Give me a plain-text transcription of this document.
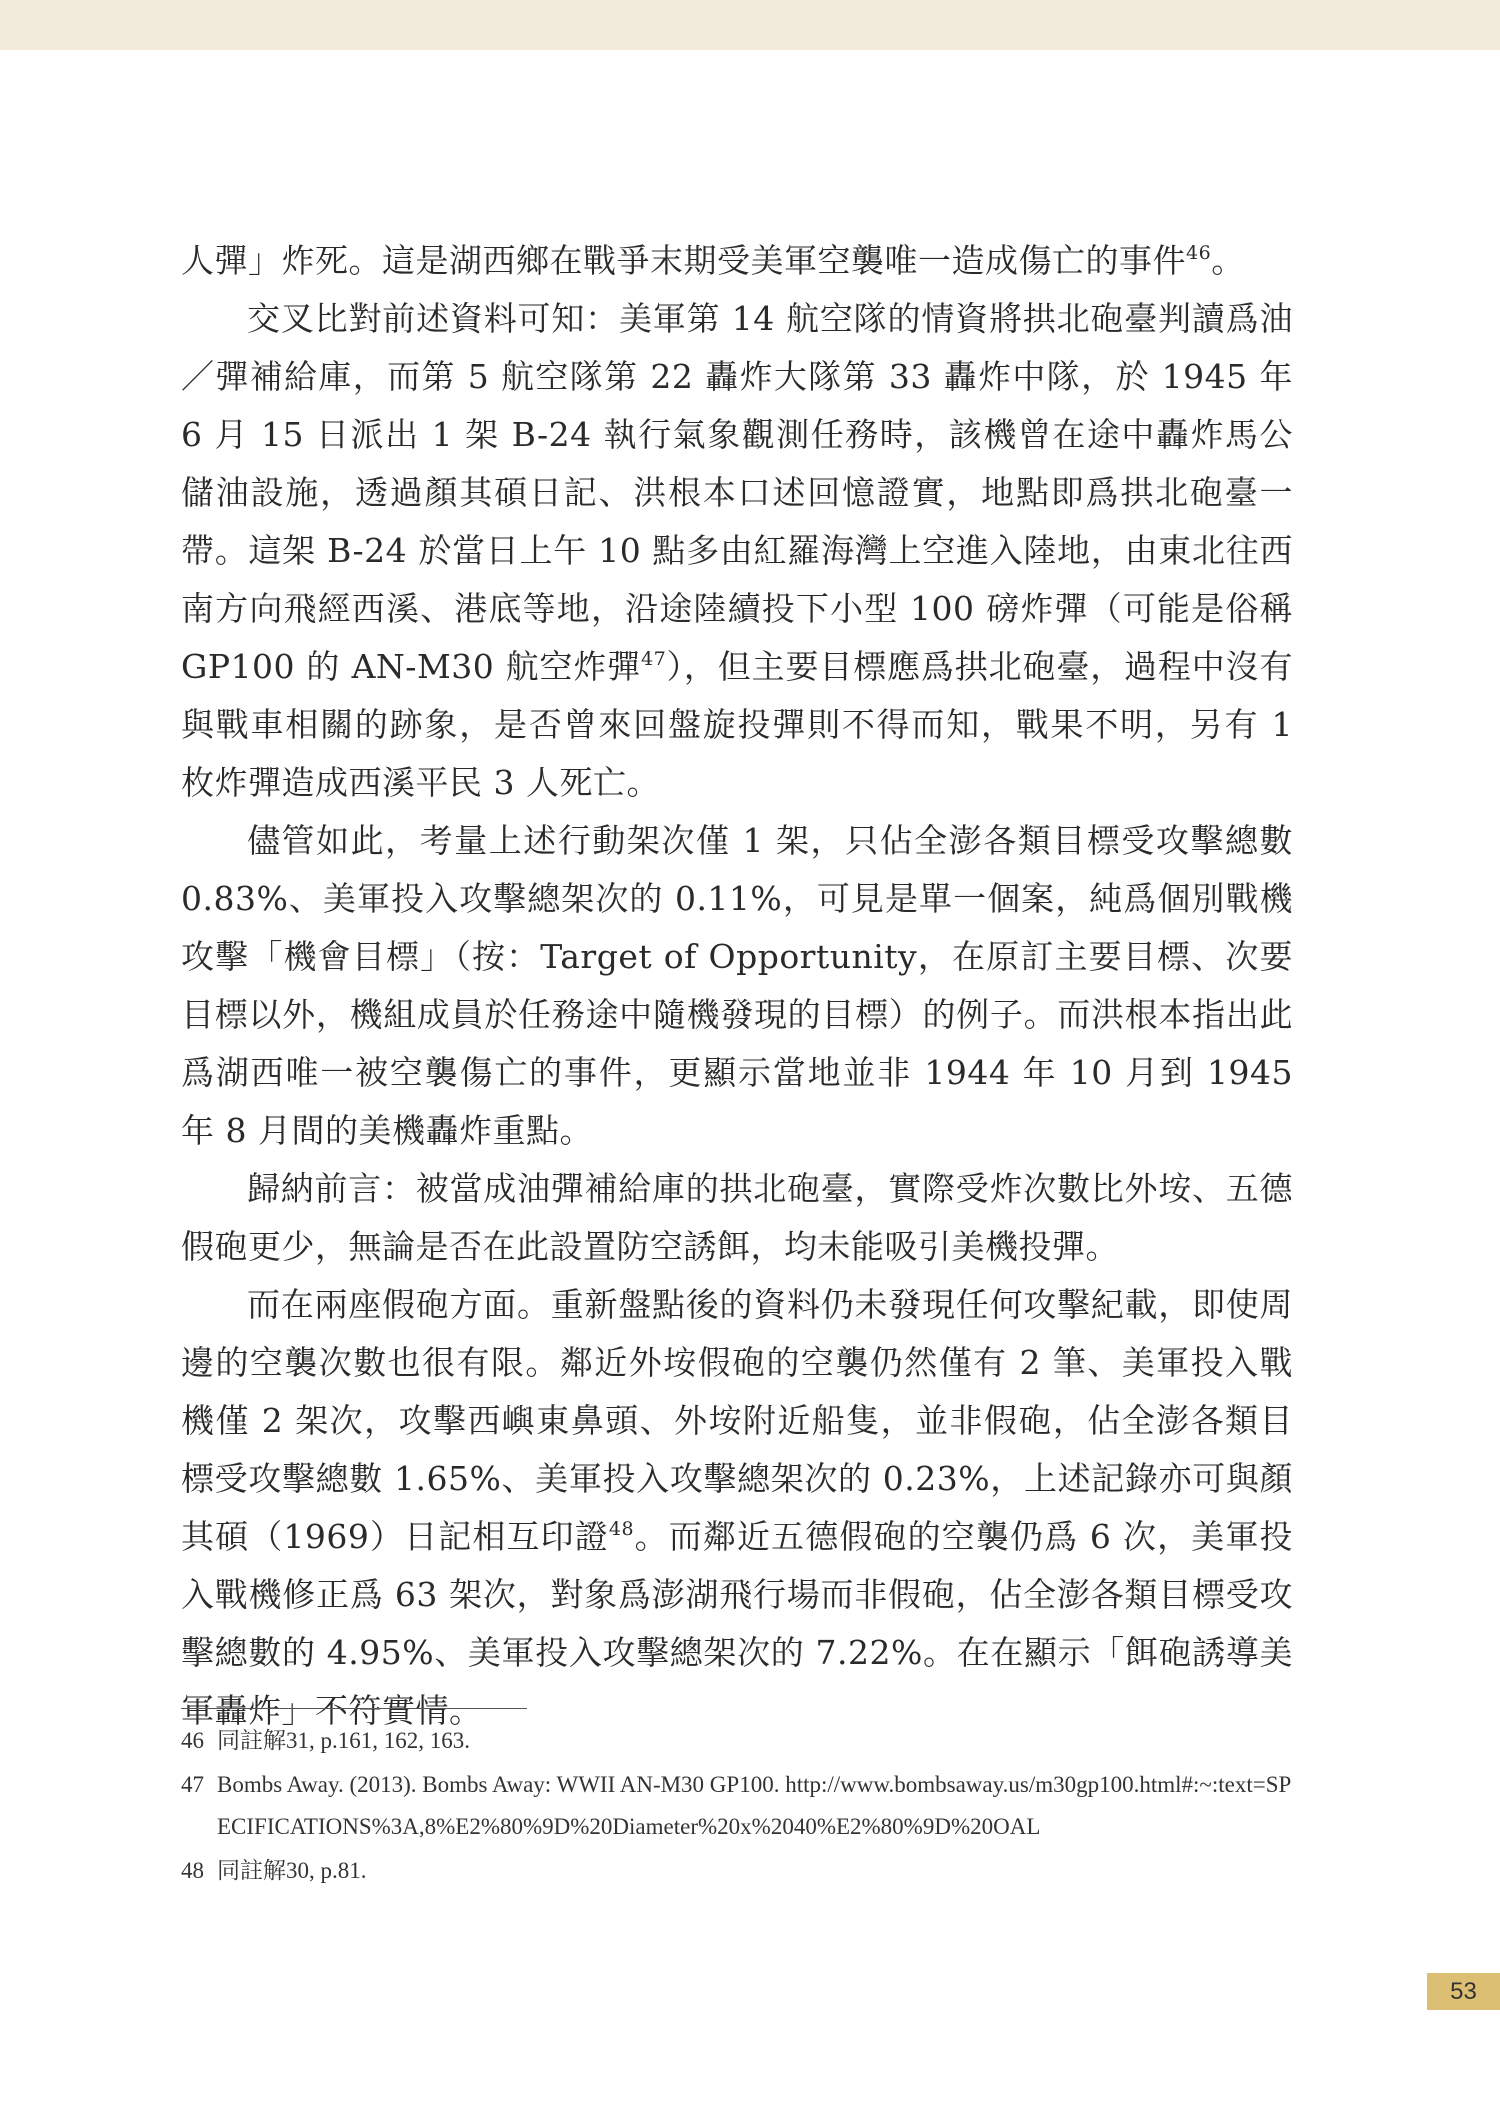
人彈」炸死。這是湖西鄉在戰爭末期受美軍空襲唯一造成傷亡的事件$^{46}$。

交叉比對前述資料可知：美軍第 14 航空隊的情資將拱北砲臺判讀爲油／彈補給庫，而第 5 航空隊第 22 轟炸大隊第 33 轟炸中隊，於 1945 年 6 月 15 日派出 1 架 B-24 執行氣象觀測任務時，該機曾在途中轟炸馬公儲油設施，透過顏其碩日記、洪根本口述回憶證實，地點即爲拱北砲臺一帶。這架 B-24 於當日上午 10 點多由紅羅海灣上空進入陸地，由東北往西南方向飛經西溪、港底等地，沿途陸續投下小型 100 磅炸彈（可能是俗稱 GP100 的 AN-M30 航空炸彈$^{47}$），但主要目標應爲拱北砲臺，過程中沒有與戰車相關的跡象，是否曾來回盤旋投彈則不得而知，戰果不明，另有 1 枚炸彈造成西溪平民 3 人死亡。

儘管如此，考量上述行動架次僅 1 架，只佔全澎各類目標受攻擊總數 0.83%、美軍投入攻擊總架次的 0.11%，可見是單一個案，純爲個別戰機攻擊「機會目標」（按：Target of Opportunity，在原訂主要目標、次要目標以外，機組成員於任務途中隨機發現的目標）的例子。而洪根本指出此爲湖西唯一被空襲傷亡的事件，更顯示當地並非 1944 年 10 月到 1945 年 8 月間的美機轟炸重點。

歸納前言：被當成油彈補給庫的拱北砲臺，實際受炸次數比外垵、五德假砲更少，無論是否在此設置防空誘餌，均未能吸引美機投彈。

而在兩座假砲方面。重新盤點後的資料仍未發現任何攻擊紀載，即使周邊的空襲次數也很有限。鄰近外垵假砲的空襲仍然僅有 2 筆、美軍投入戰機僅 2 架次，攻擊西嶼東鼻頭、外垵附近船隻，並非假砲，佔全澎各類目標受攻擊總數 1.65%、美軍投入攻擊總架次的 0.23%，上述記錄亦可與顏其碩（1969）日記相互印證$^{48}$。而鄰近五德假砲的空襲仍爲 6 次，美軍投入戰機修正爲 63 架次，對象爲澎湖飛行場而非假砲，佔全澎各類目標受攻擊總數的 4.95%、美軍投入攻擊總架次的 7.22%。在在顯示「餌砲誘導美軍轟炸」不符實情。

46 同註解31, p.161, 162, 163.
47 Bombs Away. (2013). Bombs Away: WWII AN-M30 GP100. http://www.bombsaway.us/m30gp100.html#:~:text=SPECIFICATIONS%3A,8%E2%80%9D%20Diameter%20x%2040%E2%80%9D%20OAL
48 同註解30, p.81.
53
